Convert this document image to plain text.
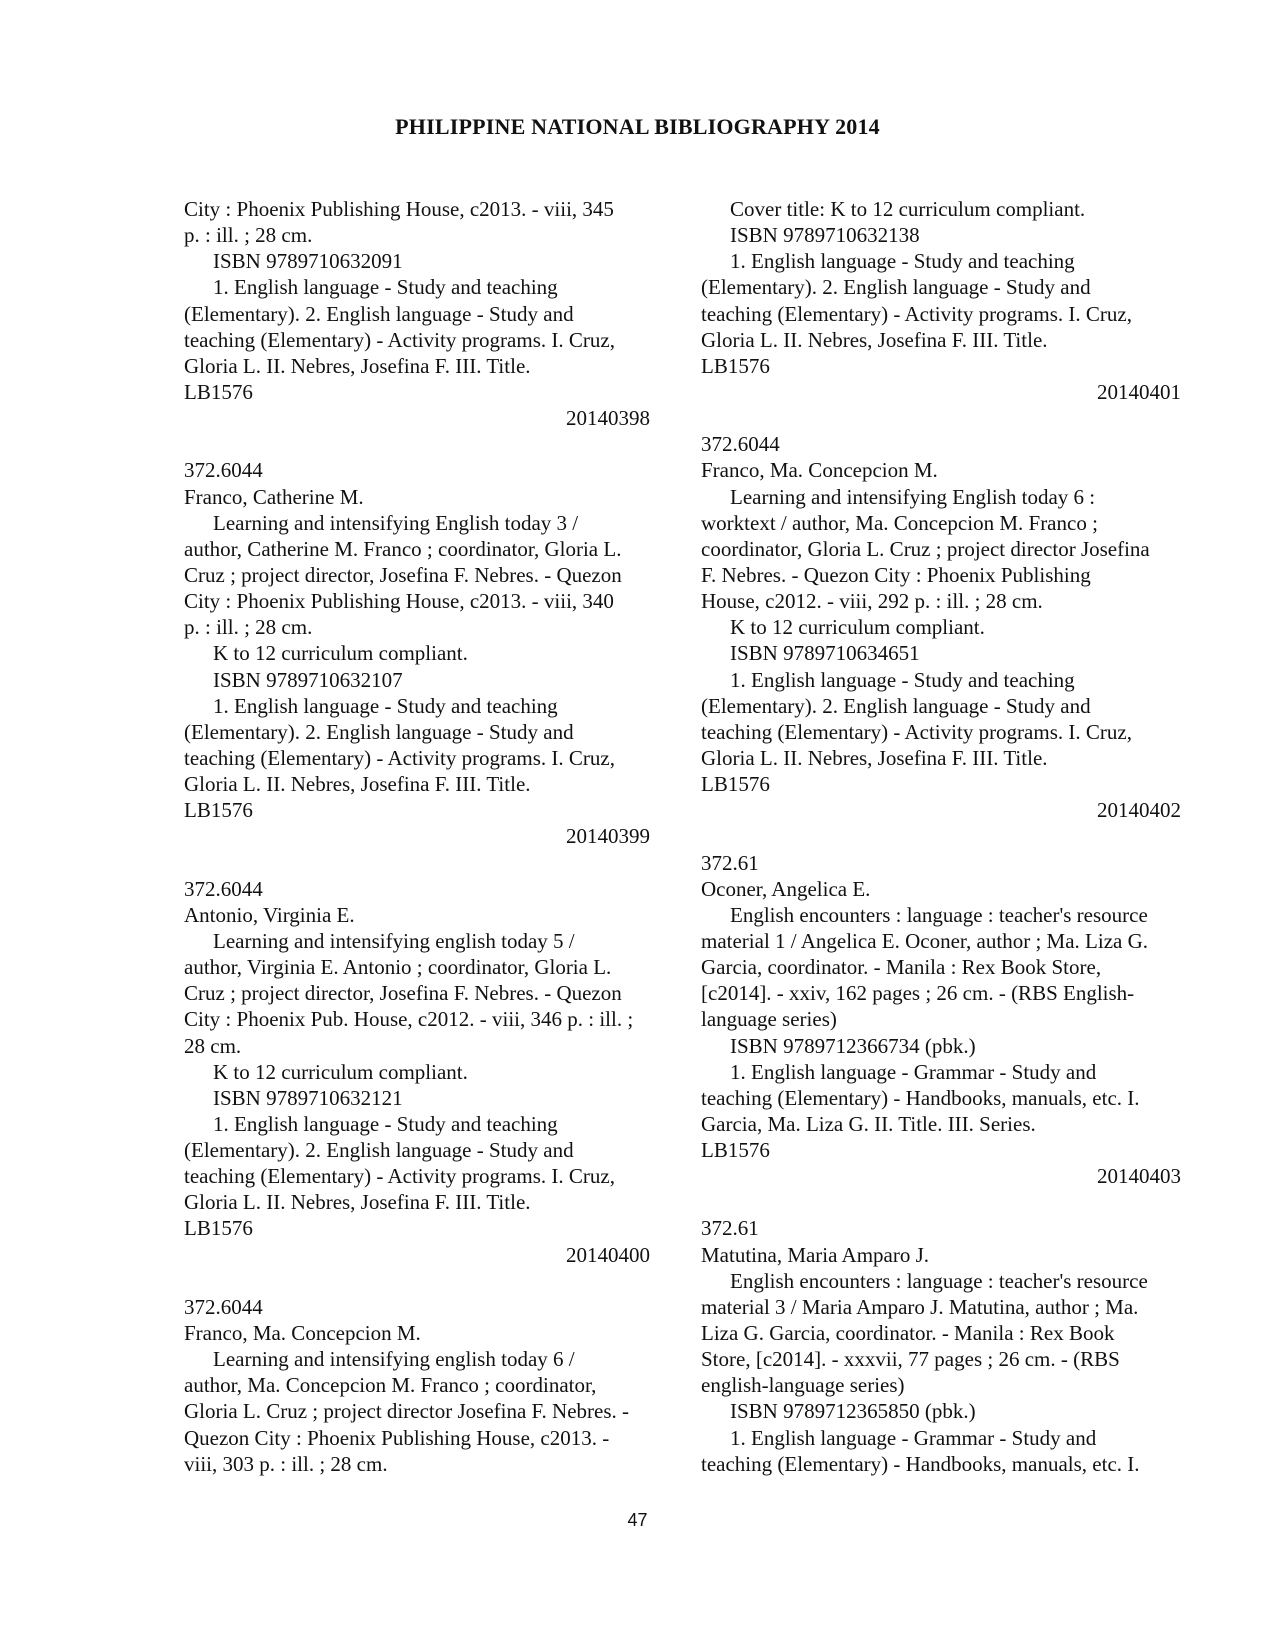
PHILIPPINE NATIONAL BIBLIOGRAPHY 2014
City : Phoenix Publishing House, c2013. - viii, 345
p. : ill. ; 28 cm.
ISBN 9789710632091
1. English language - Study and teaching
(Elementary). 2. English language - Study and
teaching (Elementary) - Activity programs. I. Cruz,
Gloria L. II. Nebres, Josefina F. III. Title.
LB1576
20140398
372.6044
Franco, Catherine M.
Learning and intensifying English today 3 /
author, Catherine M. Franco ; coordinator, Gloria L.
Cruz ; project director, Josefina F. Nebres. - Quezon
City : Phoenix Publishing House, c2013. - viii, 340
p. : ill. ; 28 cm.
K to 12 curriculum compliant.
ISBN 9789710632107
1. English language - Study and teaching
(Elementary). 2. English language - Study and
teaching (Elementary) - Activity programs. I. Cruz,
Gloria L. II. Nebres, Josefina F. III. Title.
LB1576
20140399
372.6044
Antonio, Virginia E.
Learning and intensifying english today 5 /
author, Virginia E. Antonio ; coordinator, Gloria L.
Cruz ; project director, Josefina F. Nebres. - Quezon
City : Phoenix Pub. House, c2012. - viii, 346 p. : ill. ;
28 cm.
K to 12 curriculum compliant.
ISBN 9789710632121
1. English language - Study and teaching
(Elementary). 2. English language - Study and
teaching (Elementary) - Activity programs. I. Cruz,
Gloria L. II. Nebres, Josefina F. III. Title.
LB1576
20140400
372.6044
Franco, Ma. Concepcion M.
Learning and intensifying english today 6 /
author, Ma. Concepcion M. Franco ; coordinator,
Gloria L. Cruz ; project director Josefina F. Nebres. -
Quezon City : Phoenix Publishing House, c2013. -
viii, 303 p. : ill. ; 28 cm.
Cover title: K to 12 curriculum compliant.
ISBN 9789710632138
1. English language - Study and teaching
(Elementary). 2. English language - Study and
teaching (Elementary) - Activity programs. I. Cruz,
Gloria L. II. Nebres, Josefina F. III. Title.
LB1576
20140401
372.6044
Franco, Ma. Concepcion M.
Learning and intensifying English today 6 :
worktext / author, Ma. Concepcion M. Franco ;
coordinator, Gloria L. Cruz ; project director Josefina
F. Nebres. - Quezon City : Phoenix Publishing
House, c2012. - viii, 292 p. : ill. ; 28 cm.
K to 12 curriculum compliant.
ISBN 9789710634651
1. English language - Study and teaching
(Elementary). 2. English language - Study and
teaching (Elementary) - Activity programs. I. Cruz,
Gloria L. II. Nebres, Josefina F. III. Title.
LB1576
20140402
372.61
Oconer, Angelica E.
English encounters : language : teacher's resource
material 1 / Angelica E. Oconer, author ; Ma. Liza G.
Garcia, coordinator. - Manila : Rex Book Store,
[c2014]. - xxiv, 162 pages ; 26 cm. - (RBS English-
language series)
ISBN 9789712366734 (pbk.)
1. English language - Grammar - Study and
teaching (Elementary) - Handbooks, manuals, etc. I.
Garcia, Ma. Liza G. II. Title. III. Series.
LB1576
20140403
372.61
Matutina, Maria Amparo J.
English encounters : language : teacher's resource
material 3 / Maria Amparo J. Matutina, author ; Ma.
Liza G. Garcia, coordinator. - Manila : Rex Book
Store, [c2014]. - xxxvii, 77 pages ; 26 cm. - (RBS
english-language series)
ISBN 9789712365850 (pbk.)
1. English language - Grammar - Study and
teaching (Elementary) - Handbooks, manuals, etc. I.
47
